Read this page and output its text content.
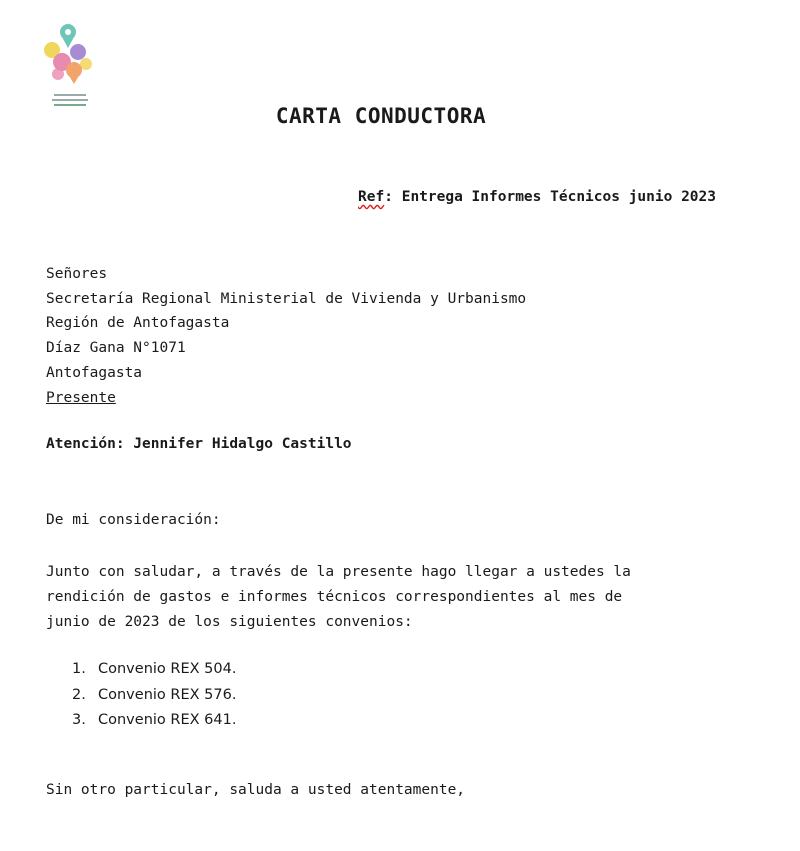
CARTA CONDUCTORA
Ref: Entrega Informes Técnicos junio 2023
Señores
Secretaría Regional Ministerial de Vivienda y Urbanismo
Región de Antofagasta
Díaz Gana N°1071
Antofagasta
Presente
Atención: Jennifer Hidalgo Castillo
De mi consideración:
Junto con saludar, a través de la presente hago llegar a ustedes la
rendición de gastos e informes técnicos correspondientes al mes de
junio de 2023 de los siguientes convenios:
1. Convenio REX 504.
2. Convenio REX 576.
3. Convenio REX 641.
Sin otro particular, saluda a usted atentamente,
